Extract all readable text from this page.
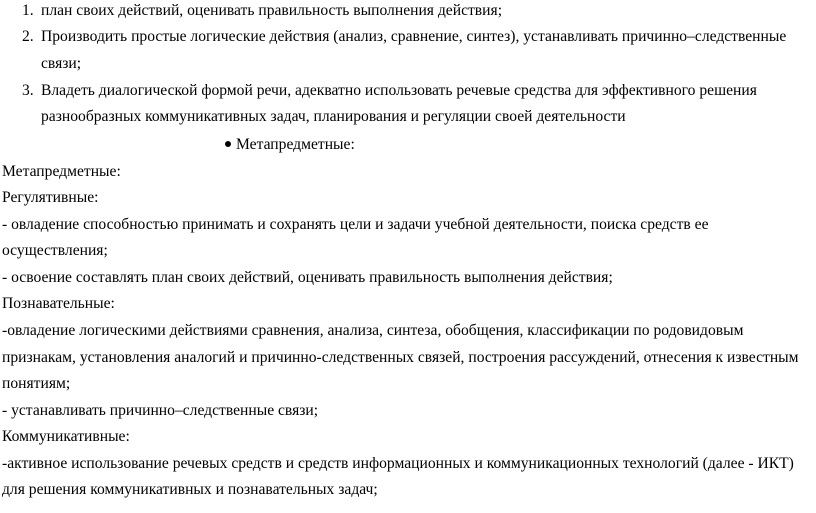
1. план своих действий, оценивать правильность выполнения действия;
2. Производить простые логические действия (анализ, сравнение, синтез), устанавливать причинно–следственные
связи;
3. Владеть диалогической формой речи, адекватно использовать речевые средства для эффективного решения
разнообразных коммуникативных задач, планирования и регуляции своей деятельности
Метапредметные:
Метапредметные:
Регулятивные:
- овладение способностью принимать и сохранять цели и задачи учебной деятельности, поиска средств ее
осуществления;
- освоение составлять план своих действий, оценивать правильность выполнения действия;
Познавательные:
-овладение логическими действиями сравнения, анализа, синтеза, обобщения, классификации по родовидовым
признакам, установления аналогий и причинно-следственных связей, построения рассуждений, отнесения к известным
понятиям;
- устанавливать причинно–следственные связи;
Коммуникативные:
-активное использование речевых средств и средств информационных и коммуникационных технологий (далее - ИКТ)
для решения коммуникативных и познавательных задач;
